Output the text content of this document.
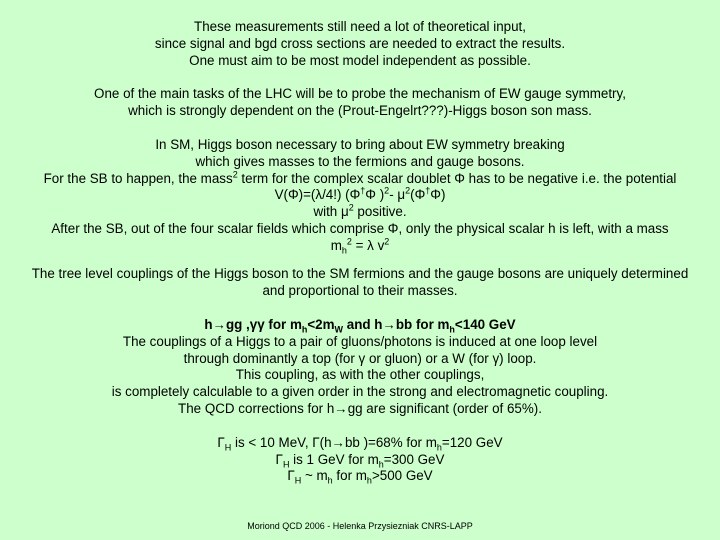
These measurements still need a lot of theoretical input,
since signal and bgd cross sections are needed to extract the results.
One must aim to be most model independent as possible.
One of the main tasks of the LHC will be to probe the mechanism of EW gauge symmetry,
which is strongly dependent on the (Prout-Engelrt???)-Higgs boson son mass.
In SM, Higgs boson necessary to bring about EW symmetry breaking
which gives masses to the fermions and gauge bosons.
For the SB to happen, the mass$^2$ term for the complex scalar doublet Φ has to be negative i.e. the potential
V(Φ)=(λ/4!) (Φ†Φ )$^2$- $\mu^2(\Phi^\dagger\Phi)$
with $\mu^2$ positive.
After the SB, out of the four scalar fields which comprise Φ, only the physical scalar h is left, with a mass
$m_h^2 = \lambda$ $v^2$
The tree level couplings of the Higgs boson to the SM fermions and the gauge bosons are uniquely determined
and proportional to their masses.
h→gg ,γγ for $m_h<2m_W$ and h→bb for $m_h<140$ GeV
The couplings of a Higgs to a pair of gluons/photons is induced at one loop level
through dominantly a top (for γ or gluon) or a W (for γ) loop.
This coupling, as with the other couplings,
is completely calculable to a given order in the strong and electromagnetic coupling.
The QCD corrections for h→gg are significant (order of 65%).
$\Gamma_H$ is < 10 MeV, Γ(h→bb )=68% for $m_h=120$ GeV
$\Gamma_H$ is 1 GeV for $m_h=300$ GeV
$\Gamma_H$ ~ $m_h$ for $m_h>500$ GeV
Moriond QCD 2006 - Helenka Przysiezniak CNRS-LAPP
